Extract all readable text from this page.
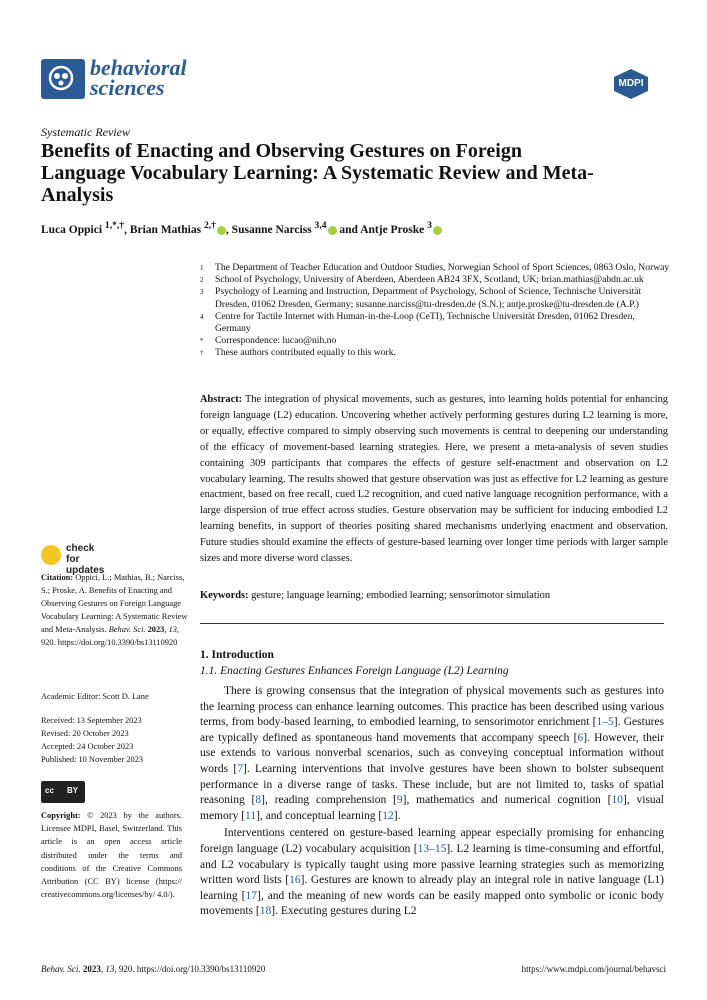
behavioral
sciences	MDPI
Systematic Review
Benefits of Enacting and Observing Gestures on Foreign Language Vocabulary Learning: A Systematic Review and Meta-Analysis
Luca Oppici $^{1,*,\dagger}$, Brian Mathias $^{2,\dagger}$ , Susanne Narciss $^{3,4}$ and Antje Proske $^3$
1	The Department of Teacher Education and Outdoor Studies, Norwegian School of Sport Sciences, 0863 Oslo, Norway
2	School of Psychology, University of Aberdeen, Aberdeen AB24 3FX, Scotland, UK; brian.mathias@abdn.ac.uk
3	Psychology of Learning and Instruction, Department of Psychology, School of Science, Technische Universität Dresden, 01062 Dresden, Germany; susanne.narciss@tu-dresden.de (S.N.); antje.proske@tu-dresden.de (A.P.)
4	Centre for Tactile Internet with Human-in-the-Loop (CeTI), Technische Universität Dresden, 01062 Dresden, Germany
*	Correspondence: lucao@nih.no
†	These authors contributed equally to this work.
Abstract: The integration of physical movements, such as gestures, into learning holds potential for enhancing foreign language (L2) education. Uncovering whether actively performing gestures during L2 learning is more, or equally, effective compared to simply observing such movements is central to deepening our understanding of the efficacy of movement-based learning strategies. Here, we present a meta-analysis of seven studies containing 309 participants that compares the effects of gesture self-enactment and observation on L2 vocabulary learning. The results showed that gesture observation was just as effective for L2 learning as gesture enactment, based on free recall, cued L2 recognition, and cued native language recognition performance, with a large dispersion of true effect across studies. Gesture observation may be sufficient for inducing embodied L2 learning benefits, in support of theories positing shared mechanisms underlying enactment and observation. Future studies should examine the effects of gesture-based learning over longer time periods with larger sample sizes and more diverse word classes.
Keywords: gesture; language learning; embodied learning; sensorimotor simulation
check for
updates
Citation: Oppici, L.; Mathias, B.; Narciss, S.; Proske, A. Benefits of Enacting and Observing Gestures on Foreign Language Vocabulary Learning: A Systematic Review and Meta-Analysis. Behav. Sci. 2023, 13, 920. https://doi.org/10.3390/bs13110920
Academic Editor: Scott D. Lane
Received: 13 September 2023
Revised: 20 October 2023
Accepted: 24 October 2023
Published: 10 November 2023
cc BY
Copyright: © 2023 by the authors. Licensee MDPI, Basel, Switzerland. This article is an open access article distributed under the terms and conditions of the Creative Commons Attribution (CC BY) license (https:// creativecommons.org/licenses/by/ 4.0/).
1. Introduction
1.1. Enacting Gestures Enhances Foreign Language (L2) Learning

There is growing consensus that the integration of physical movements such as gestures into the learning process can enhance learning outcomes. This practice has been described using various terms, from body-based learning, to embodied learning, to sensorimotor enrichment [1–5]. Gestures are typically defined as spontaneous hand movements that accompany speech [6]. However, their use extends to various nonverbal scenarios, such as conveying conceptual information without words [7]. Learning interventions that involve gestures have been shown to bolster subsequent performance in a diverse range of tasks. These include, but are not limited to, tasks of spatial reasoning [8], reading comprehension [9], mathematics and numerical cognition [10], visual memory [11], and conceptual learning [12].

Interventions centered on gesture-based learning appear especially promising for enhancing foreign language (L2) vocabulary acquisition [13–15]. L2 learning is time-consuming and effortful, and L2 vocabulary is typically taught using more passive learning strategies such as memorizing written word lists [16]. Gestures are known to already play an integral role in native language (L1) learning [17], and the meaning of new words can be easily mapped onto symbolic or iconic body movements [18]. Executing gestures during L2

Behav. Sci. 2023, 13, 920. https://doi.org/10.3390/bs13110920	https://www.mdpi.com/journal/behavsci
